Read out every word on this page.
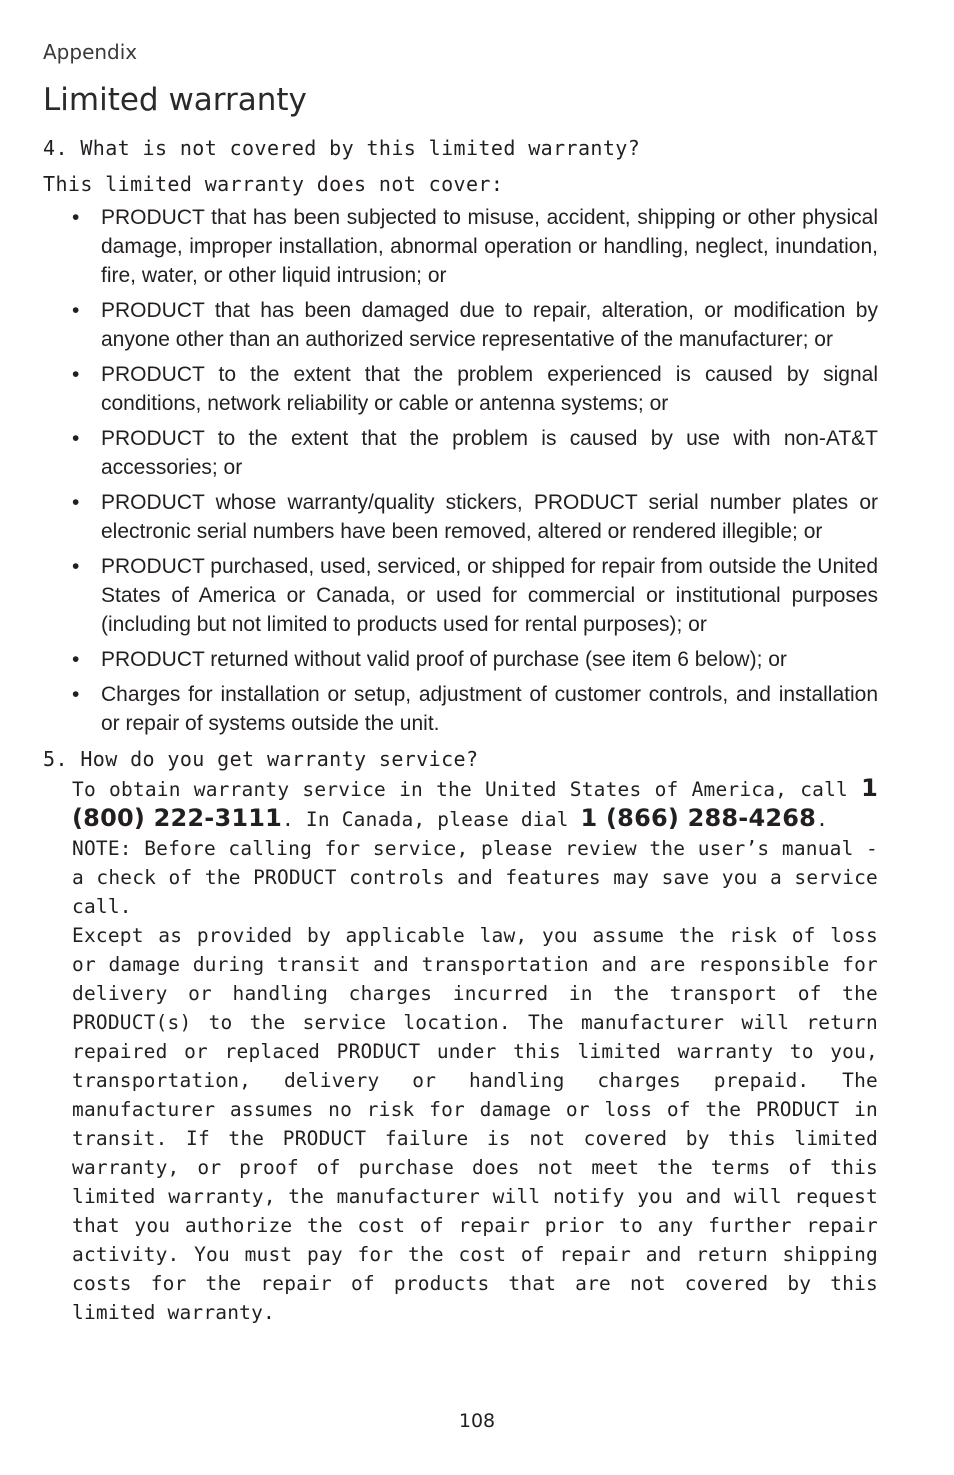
Appendix
Limited warranty

4. What is not covered by this limited warranty?

This limited warranty does not cover:

• PRODUCT that has been subjected to misuse, accident, shipping or other physical damage, improper installation, abnormal operation or handling, neglect, inundation, fire, water, or other liquid intrusion; or
• PRODUCT that has been damaged due to repair, alteration, or modification by anyone other than an authorized service representative of the manufacturer; or
• PRODUCT to the extent that the problem experienced is caused by signal conditions, network reliability or cable or antenna systems; or
• PRODUCT to the extent that the problem is caused by use with non-AT&T accessories; or
• PRODUCT whose warranty/quality stickers, PRODUCT serial number plates or electronic serial numbers have been removed, altered or rendered illegible; or
• PRODUCT purchased, used, serviced, or shipped for repair from outside the United States of America or Canada, or used for commercial or institutional purposes (including but not limited to products used for rental purposes); or
• PRODUCT returned without valid proof of purchase (see item 6 below); or
• Charges for installation or setup, adjustment of customer controls, and installation or repair of systems outside the unit.

5. How do you get warranty service?

To obtain warranty service in the United States of America, call 1 (800) 222-3111. In Canada, please dial 1 (866) 288-4268.

NOTE: Before calling for service, please review the user’s manual - a check of the PRODUCT controls and features may save you a service call.

Except as provided by applicable law, you assume the risk of loss or damage during transit and transportation and are responsible for delivery or handling charges incurred in the transport of the PRODUCT(s) to the service location. The manufacturer will return repaired or replaced PRODUCT under this limited warranty to you, transportation, delivery or handling charges prepaid. The manufacturer assumes no risk for damage or loss of the PRODUCT in transit. If the PRODUCT failure is not covered by this limited warranty, or proof of purchase does not meet the terms of this limited warranty, the manufacturer will notify you and will request that you authorize the cost of repair prior to any further repair activity. You must pay for the cost of repair and return shipping costs for the repair of products that are not covered by this limited warranty.

108
